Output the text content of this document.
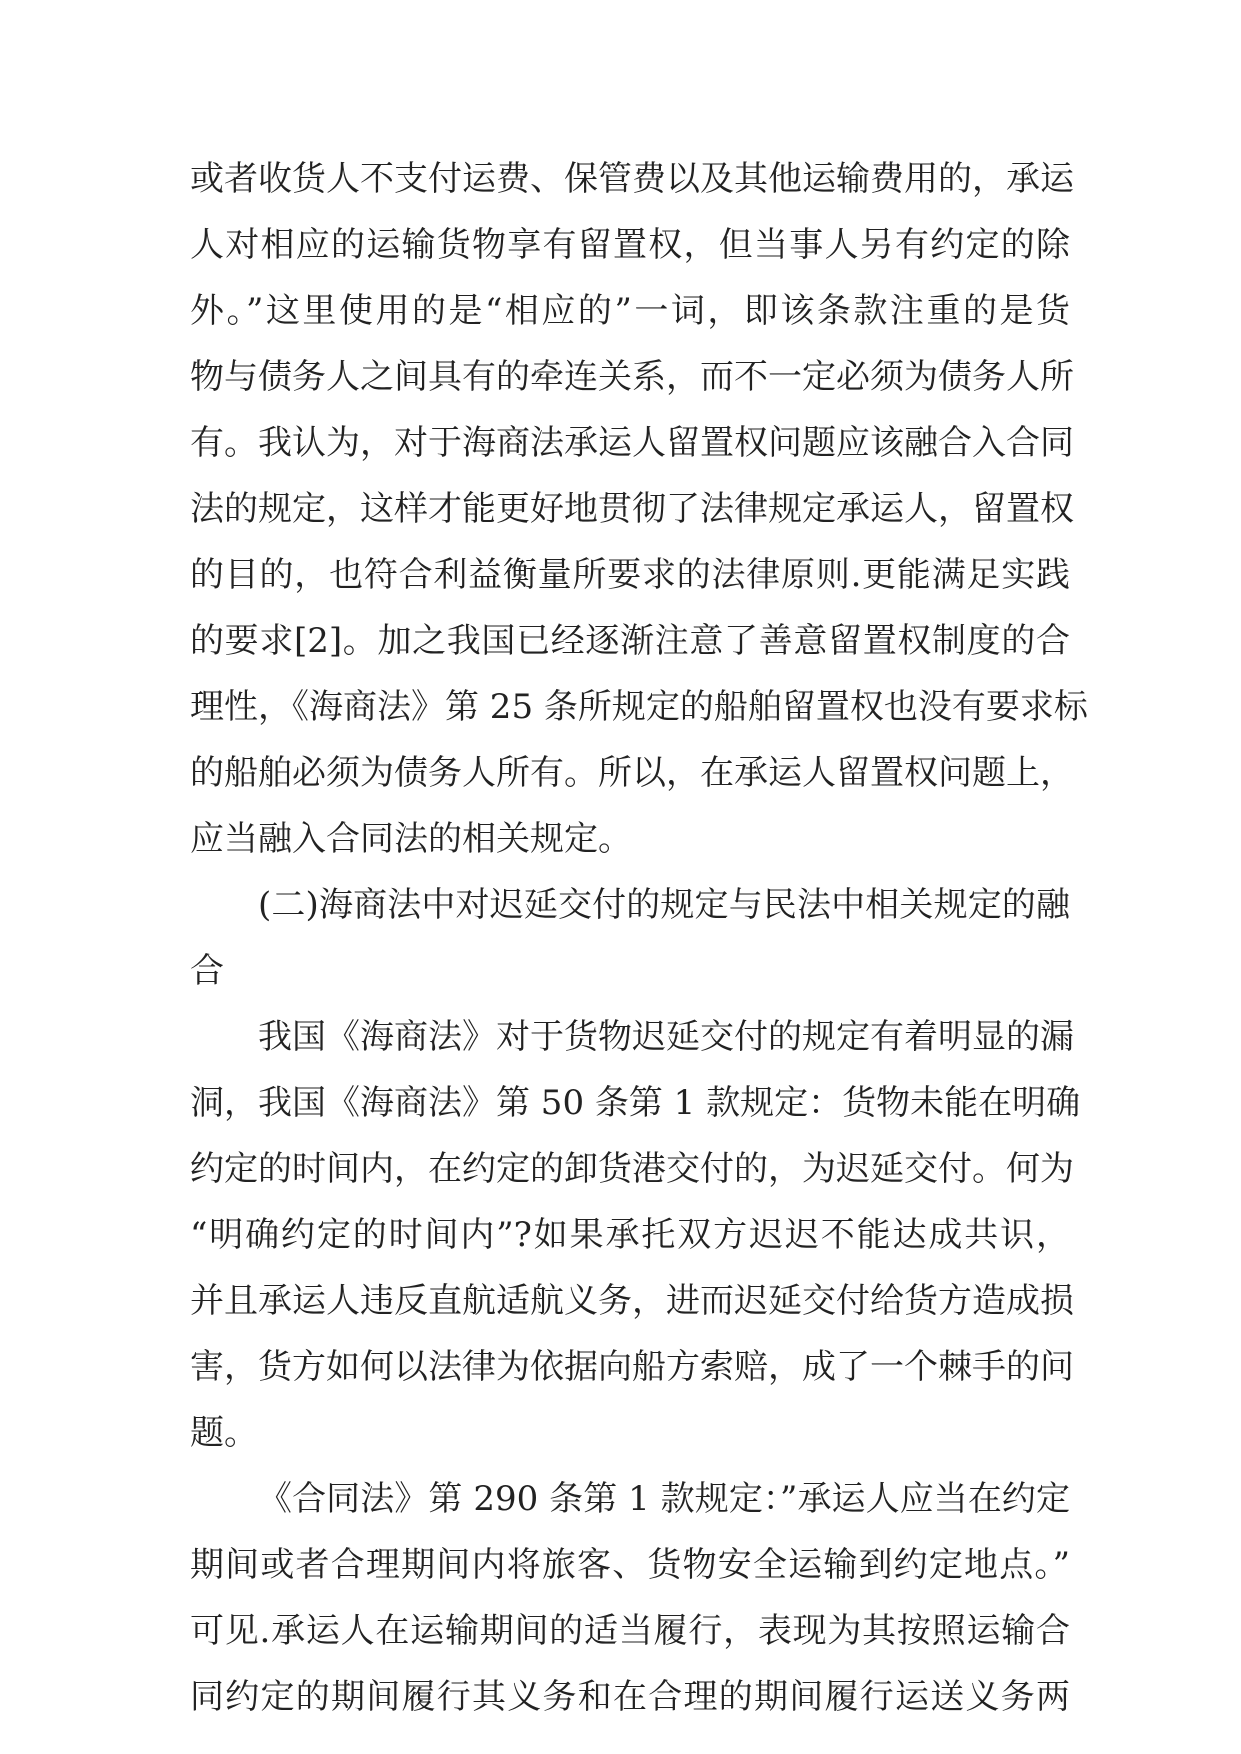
或者收货人不支付运费、保管费以及其他运输费用的，承运
人对相应的运输货物享有留置权，但当事人另有约定的除
外。”这里使用的是“相应的”一词，即该条款注重的是货
物与债务人之间具有的牵连关系，而不一定必须为债务人所
有。我认为，对于海商法承运人留置权问题应该融合入合同
法的规定，这样才能更好地贯彻了法律规定承运人，留置权
的目的，也符合利益衡量所要求的法律原则.更能满足实践
的要求[2]。加之我国已经逐渐注意了善意留置权制度的合
理性，《海商法》第 25 条所规定的船舶留置权也没有要求标
的船舶必须为债务人所有。所以，在承运人留置权问题上，
应当融入合同法的相关规定。
(二)海商法中对迟延交付的规定与民法中相关规定的融
合
我国《海商法》对于货物迟延交付的规定有着明显的漏
洞，我国《海商法》第 50 条第 1 款规定：货物未能在明确
约定的时间内，在约定的卸货港交付的，为迟延交付。何为
“明确约定的时间内”?如果承托双方迟迟不能达成共识，
并且承运人违反直航适航义务，进而迟延交付给货方造成损
害，货方如何以法律为依据向船方索赔，成了一个棘手的问
题。
《合同法》第 290 条第 1 款规定：”承运人应当在约定
期间或者合理期间内将旅客、货物安全运输到约定地点。”
可见.承运人在运输期间的适当履行，表现为其按照运输合
同约定的期间履行其义务和在合理的期间履行运送义务两
